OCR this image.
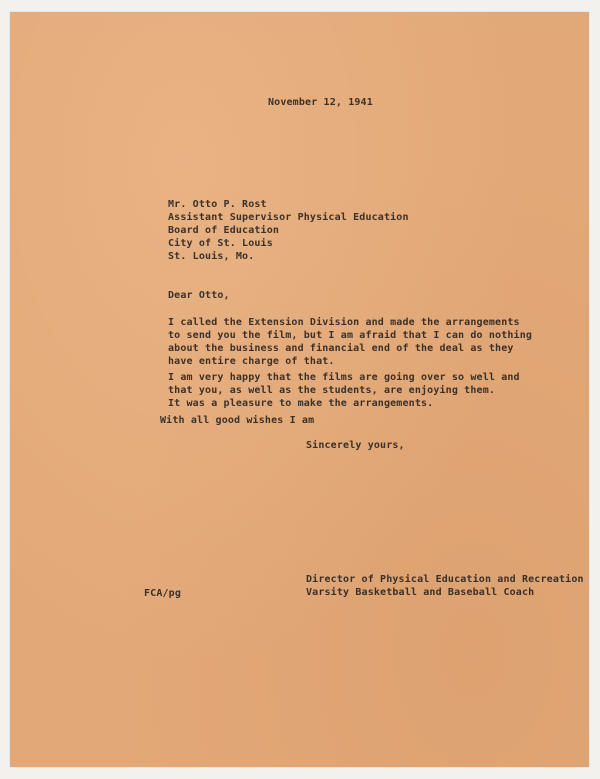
November 12, 1941
Mr. Otto P. Rost
Assistant Supervisor Physical Education
Board of Education
City of St. Louis
St. Louis, Mo.
Dear Otto,
I called the Extension Division and made the arrangements
to send you the film, but I am afraid that I can do nothing
about the business and financial end of the deal as they
have entire charge of that.
I am very happy that the films are going over so well and
that you, as well as the students, are enjoying them.
It was a pleasure to make the arrangements.
With all good wishes I am
Sincerely yours,
Director of Physical Education and Recreation
Varsity Basketball and Baseball Coach
FCA/pg
